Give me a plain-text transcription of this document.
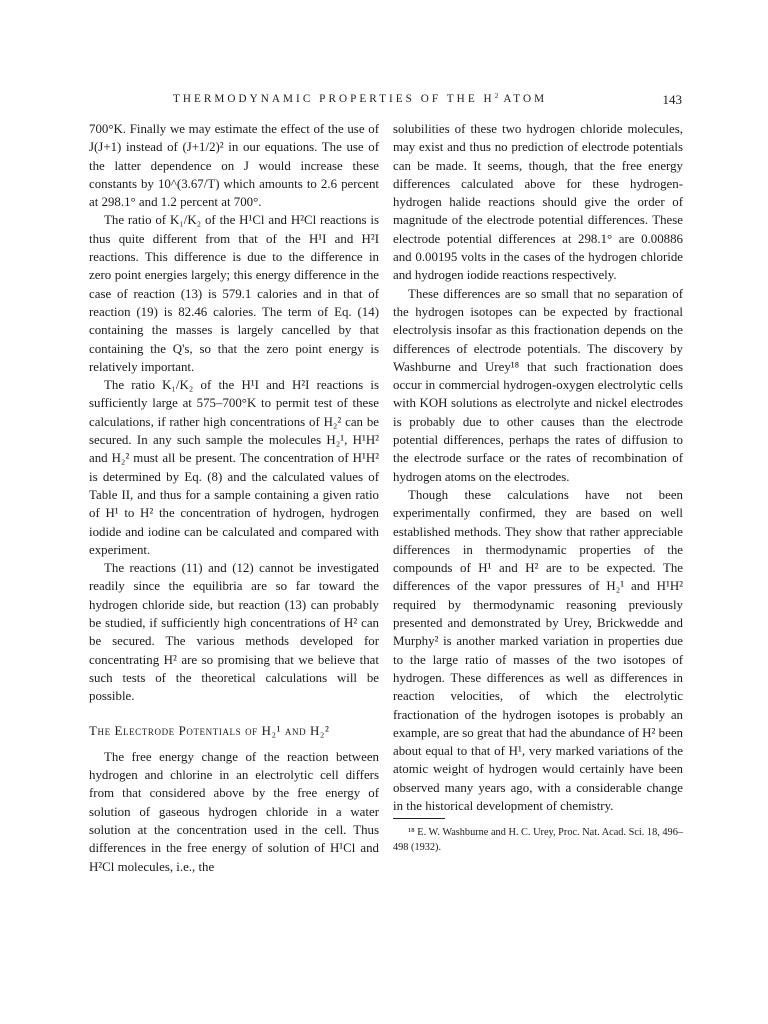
THERMODYNAMIC PROPERTIES OF THE $H^2$ ATOM	143

700°K. Finally we may estimate the effect of the use of J(J+1) instead of (J+1/2)² in our equations. The use of the latter dependence on J would increase these constants by 10^(3.67/T) which amounts to 2.6 percent at 298.1° and 1.2 percent at 700°.

The ratio of K₁/K₂ of the H¹Cl and H²Cl reactions is thus quite different from that of the H¹I and H²I reactions. This difference is due to the difference in zero point energies largely; this energy difference in the case of reaction (13) is 579.1 calories and in that of reaction (19) is 82.46 calories. The term of Eq. (14) containing the masses is largely cancelled by that containing the Q's, so that the zero point energy is relatively important.

The ratio K₁/K₂ of the H¹I and H²I reactions is sufficiently large at 575–700°K to permit test of these calculations, if rather high concentrations of H₂² can be secured. In any such sample the molecules H₂¹, H¹H² and H₂² must all be present. The concentration of H¹H² is determined by Eq. (8) and the calculated values of Table II, and thus for a sample containing a given ratio of H¹ to H² the concentration of hydrogen, hydrogen iodide and iodine can be calculated and compared with experiment.

The reactions (11) and (12) cannot be investigated readily since the equilibria are so far toward the hydrogen chloride side, but reaction (13) can probably be studied, if sufficiently high concentrations of H² can be secured. The various methods developed for concentrating H² are so promising that we believe that such tests of the theoretical calculations will be possible.

The Electrode Potentials of H₂¹ and H₂²

The free energy change of the reaction between hydrogen and chlorine in an electrolytic cell differs from that considered above by the free energy of solution of gaseous hydrogen chloride in a water solution at the concentration used in the cell. Thus differences in the free energy of solution of H¹Cl and H²Cl molecules, i.e., the

solubilities of these two hydrogen chloride molecules, may exist and thus no prediction of electrode potentials can be made. It seems, though, that the free energy differences calculated above for these hydrogen-hydrogen halide reactions should give the order of magnitude of the electrode potential differences. These electrode potential differences at 298.1° are 0.00886 and 0.00195 volts in the cases of the hydrogen chloride and hydrogen iodide reactions respectively.

These differences are so small that no separation of the hydrogen isotopes can be expected by fractional electrolysis insofar as this fractionation depends on the differences of electrode potentials. The discovery by Washburne and Urey¹⁸ that such fractionation does occur in commercial hydrogen-oxygen electrolytic cells with KOH solutions as electrolyte and nickel electrodes is probably due to other causes than the electrode potential differences, perhaps the rates of diffusion to the electrode surface or the rates of recombination of hydrogen atoms on the electrodes.

Though these calculations have not been experimentally confirmed, they are based on well established methods. They show that rather appreciable differences in thermodynamic properties of the compounds of H¹ and H² are to be expected. The differences of the vapor pressures of H₂¹ and H¹H² required by thermodynamic reasoning previously presented and demonstrated by Urey, Brickwedde and Murphy² is another marked variation in properties due to the large ratio of masses of the two isotopes of hydrogen. These differences as well as differences in reaction velocities, of which the electrolytic fractionation of the hydrogen isotopes is probably an example, are so great that had the abundance of H² been about equal to that of H¹, very marked variations of the atomic weight of hydrogen would certainly have been observed many years ago, with a considerable change in the historical development of chemistry.

¹⁸ E. W. Washburne and H. C. Urey, Proc. Nat. Acad. Sci. 18, 496–498 (1932).
